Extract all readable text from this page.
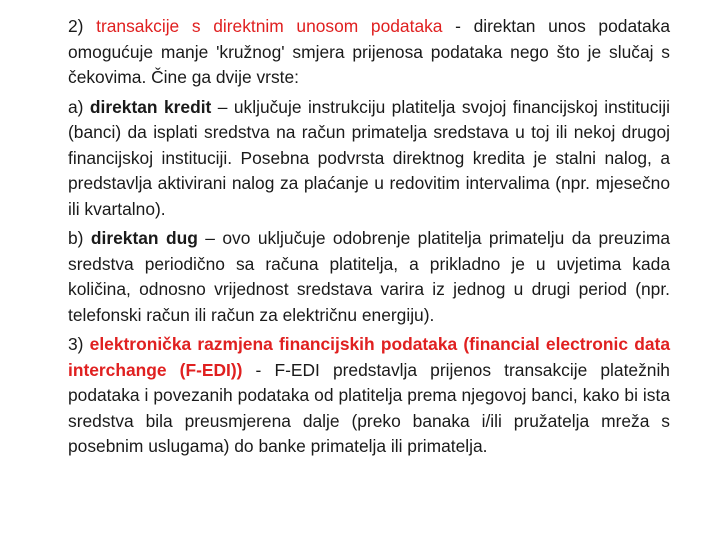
2) transakcije s direktnim unosom podataka - direktan unos podataka omogućuje manje 'kružnog' smjera prijenosa podataka nego što je slučaj s čekovima. Čine ga dvije vrste:

a) direktan kredit – uključuje instrukciju platitelja svojoj financijskoj instituciji (banci) da isplati sredstva na račun primatelja sredstava u toj ili nekoj drugoj financijskoj instituciji. Posebna podvrsta direktnog kredita je stalni nalog, a predstavlja aktivirani nalog za plaćanje u redovitim intervalima (npr. mjesečno ili kvartalno).

b) direktan dug – ovo uključuje odobrenje platitelja primatelju da preuzima sredstva periodično sa računa platitelja, a prikladno je u uvjetima kada količina, odnosno vrijednost sredstava varira iz jednog u drugi period (npr. telefonski račun ili račun za električnu energiju).

3) elektronička razmjena financijskih podataka (financial electronic data interchange (F-EDI)) - F-EDI predstavlja prijenos transakcije platežnih podataka i povezanih podataka od platitelja prema njegovoj banci, kako bi ista sredstva bila preusmjerena dalje (preko banaka i/ili pružatelja mreža s posebnim uslugama) do banke primatelja ili primatelja.
